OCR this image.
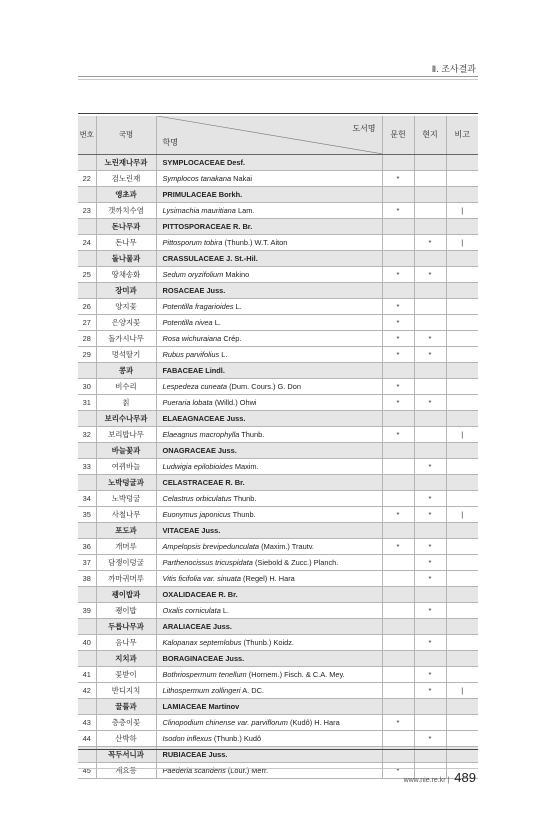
Ⅱ. 조사결과
번호	국명	학명
도서명	문헌	현지	비고
	노린재나무과	SYMPLOCACEAE Desf.			
22	검노린재	Symplocos tanakana Nakai	*		
	앵초과	PRIMULACEAE Borkh.			
23	갯까치수염	Lysimachia mauritiana Lam.	*		|
	돈나무과	PITTOSPORACEAE R. Br.			
24	돈나무	Pittosporum tobira (Thunb.) W.T. Aiton		*	|
	돌나물과	CRASSULACEAE J. St.-Hil.			
25	땅채송화	Sedum oryzifolium Makino	*	*	
	장미과	ROSACEAE Juss.			
26	양지꽃	Potentilla fragarioides L.	*		
27	은양지꽃	Potentilla nivea L.	*		
28	돌가시나무	Rosa wichuraiana Crép.	*	*	
29	멍석딸기	Rubus parvifolius L.	*	*	
	콩과	FABACEAE Lindl.			
30	비수리	Lespedeza cuneata (Dum. Cours.) G. Don	*		
31	칡	Pueraria lobata (Willd.) Ohwi	*	*	
	보리수나무과	ELAEAGNACEAE Juss.			
32	보리밥나무	Elaeagnus macrophylla Thunb.	*		|
	바늘꽃과	ONAGRACEAE Juss.			
33	여뀌바늘	Ludwigia epilobioides Maxim.		*	
	노박덩굴과	CELASTRACEAE R. Br.			
34	노박덩굴	Celastrus orbiculatus Thunb.		*	
35	사철나무	Euonymus japonicus Thunb.	*	*	|
	포도과	VITACEAE Juss.			
36	개머루	Ampelopsis brevipedunculata (Maxim.) Trautv.	*	*	
37	담쟁이덩굴	Parthenocissus tricuspidata (Siebold & Zucc.) Planch.		*	
38	까마귀머루	Vitis ficifolia var. sinuata (Regel) H. Hara		*	
	괭이밥과	OXALIDACEAE R. Br.			
39	괭이밥	Oxalis corniculata L.		*	
	두릅나무과	ARALIACEAE Juss.			
40	음나무	Kalopanax septemlobus (Thunb.) Koidz.		*	
	지치과	BORAGINACEAE Juss.			
41	꽃받이	Bothriospermum tenellum (Hornem.) Fisch. & C.A. Mey.		*	
42	반디지치	Lithospermum zollingeri A. DC.		*	|
	꿀풀과	LAMIACEAE Martinov			
43	층층이꽃	Clinopodium chinense var. parviflorum (Kudô) H. Hara	*		
44	산박하	Isodon inflexus (Thunb.) Kudô		*	
	꼭두서니과	RUBIACEAE Juss.			
45	계요등	Paederia scandens (Lour.) Merr.	*		
www.nie.re.kr | 489
